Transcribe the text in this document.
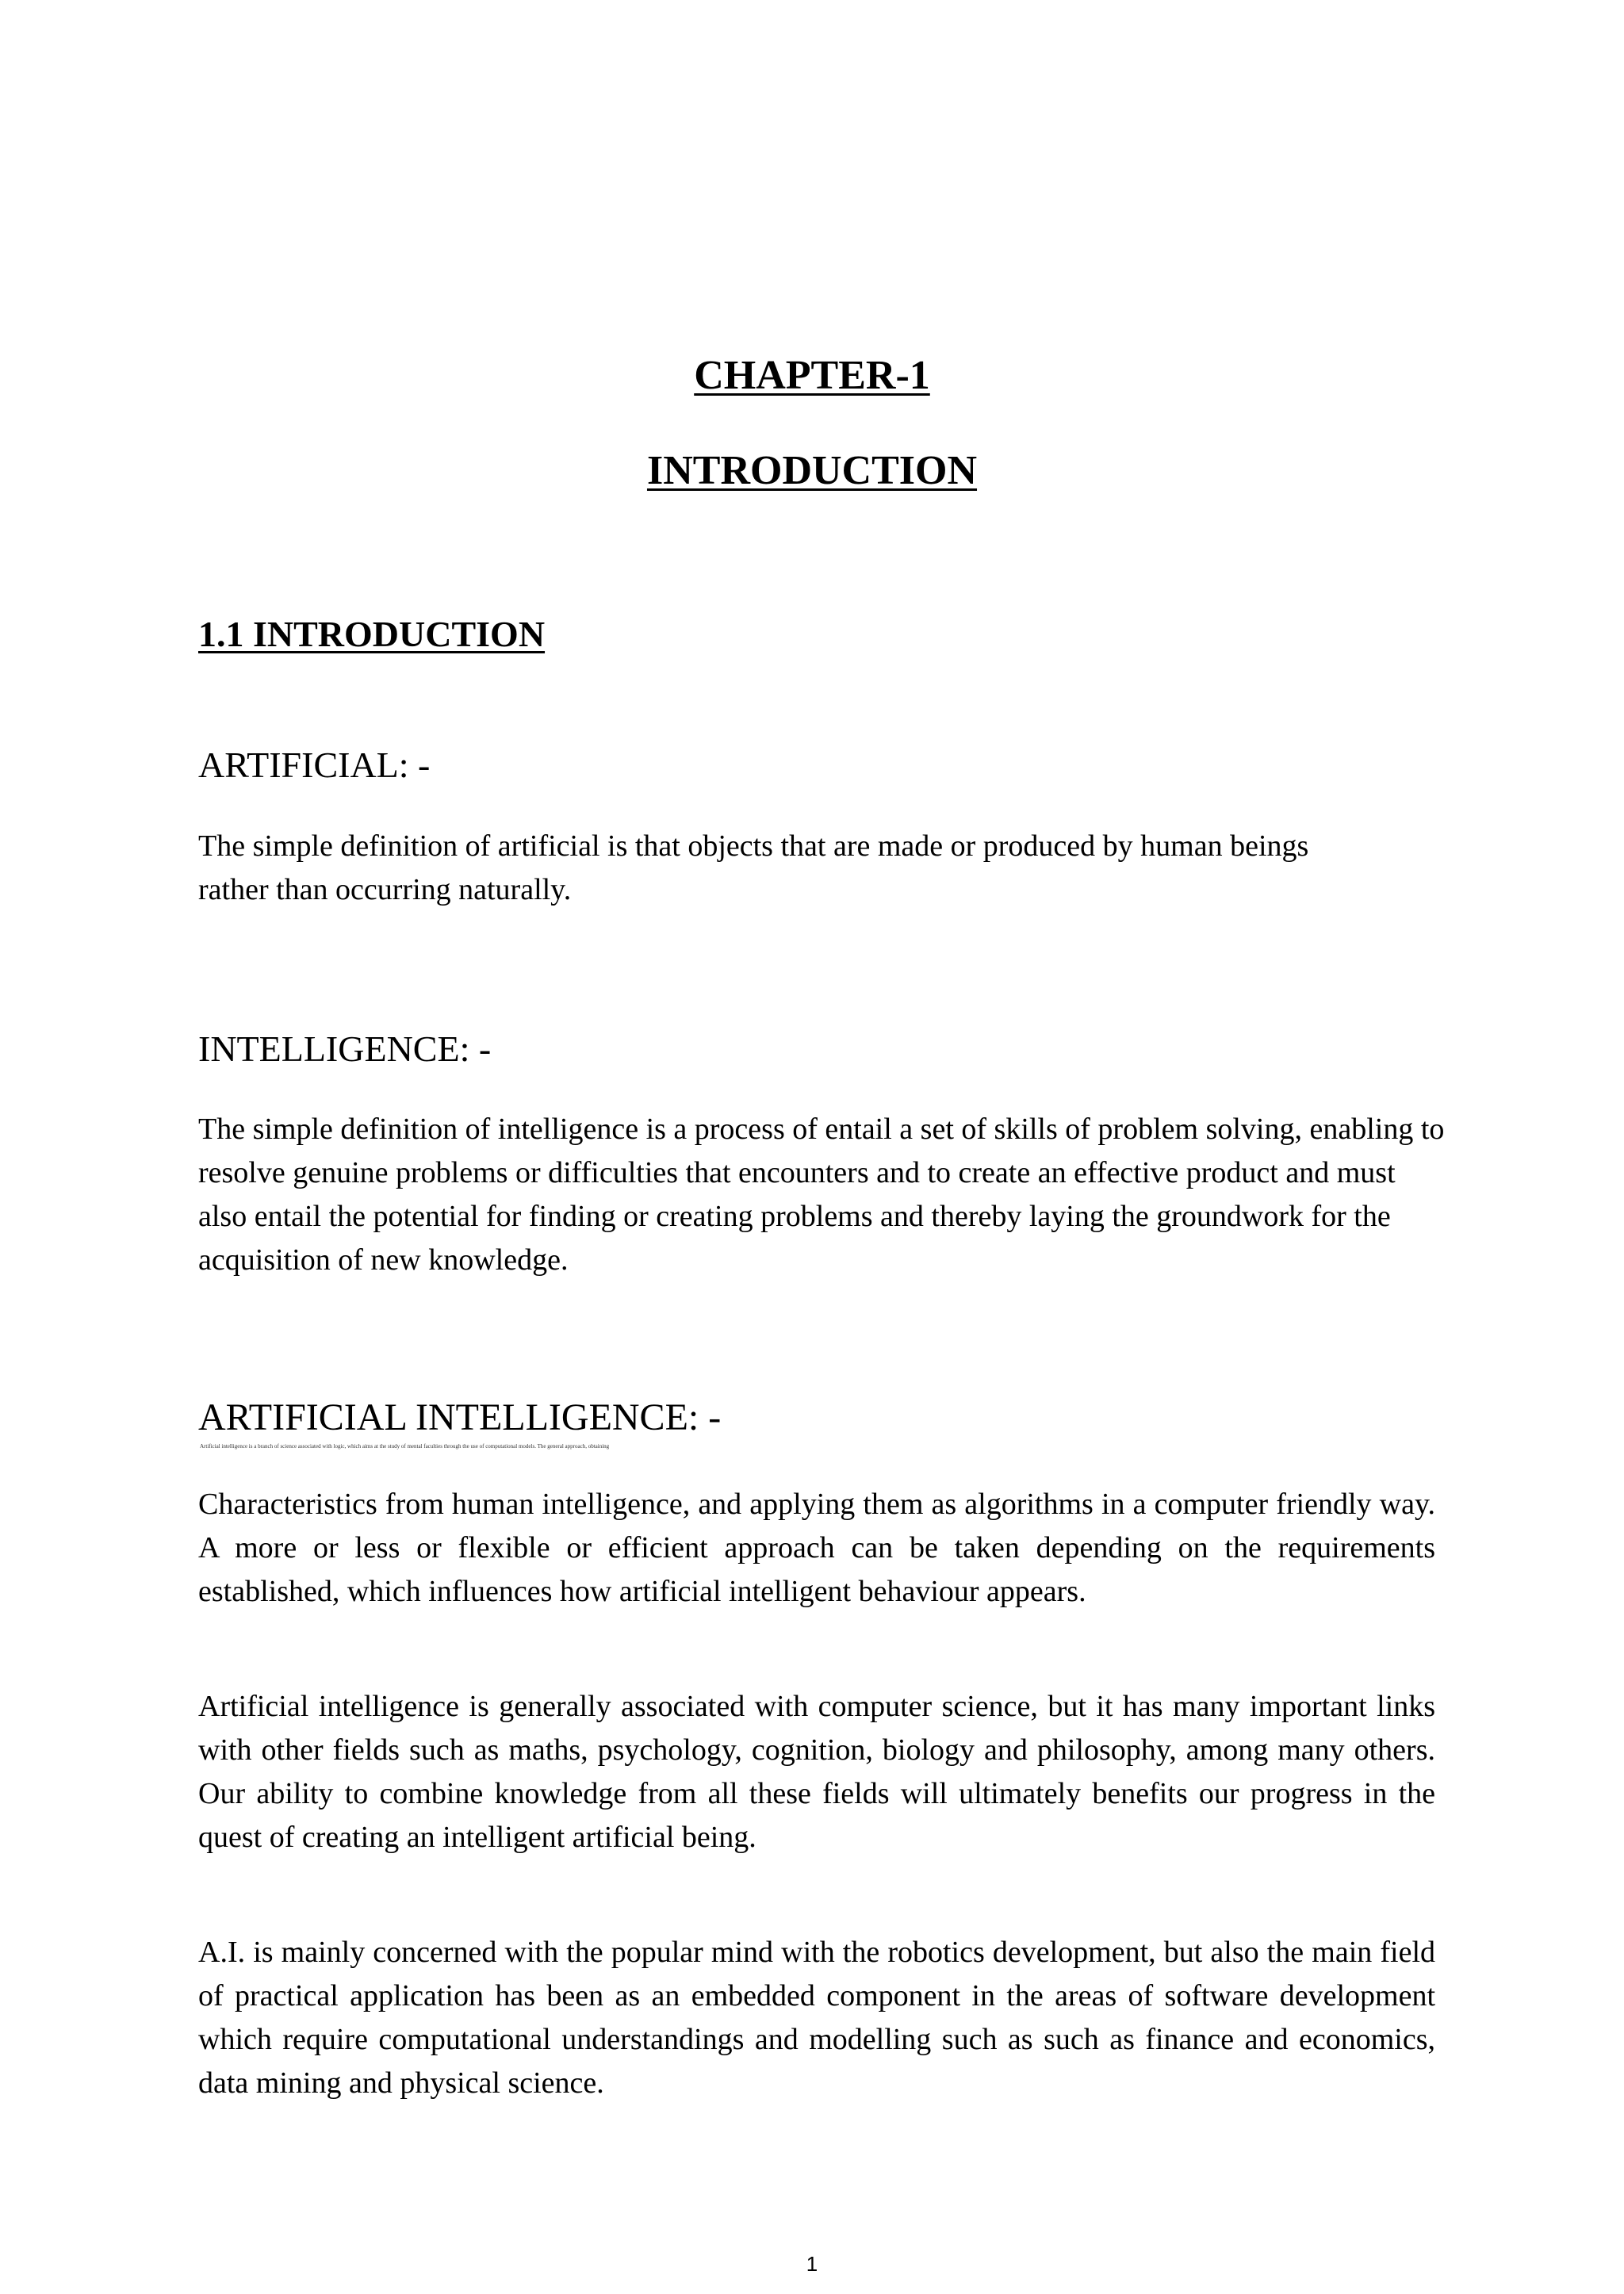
CHAPTER-1
INTRODUCTION
1.1 INTRODUCTION
ARTIFICIAL: -
The simple definition of artificial is that objects that are made or produced by human beings rather than occurring naturally.
INTELLIGENCE: -
The simple definition of intelligence is a process of entail a set of skills of problem solving, enabling to resolve genuine problems or difficulties that encounters and to create an effective product and must also entail the potential for finding or creating problems and thereby laying the groundwork for the acquisition of new knowledge.
ARTIFICIAL INTELLIGENCE: -
Artificial intelligence is a branch of science associated with logic, which aims at the study of mental faculties through the use of computational models. The general approach, obtaining
Characteristics from human intelligence, and applying them as algorithms in a computer friendly way. A more or less or flexible or efficient approach can be taken depending on the requirements established, which influences how artificial intelligent behaviour appears.
Artificial intelligence is generally associated with computer science, but it has many important links with other fields such as maths, psychology, cognition, biology and philosophy, among many others. Our ability to combine knowledge from all these fields will ultimately benefits our progress in the quest of creating an intelligent artificial being.
A.I. is mainly concerned with the popular mind with the robotics development, but also the main field of practical application has been as an embedded component in the areas of software development which require computational understandings and modelling such as such as finance and economics, data mining and physical science.
1
